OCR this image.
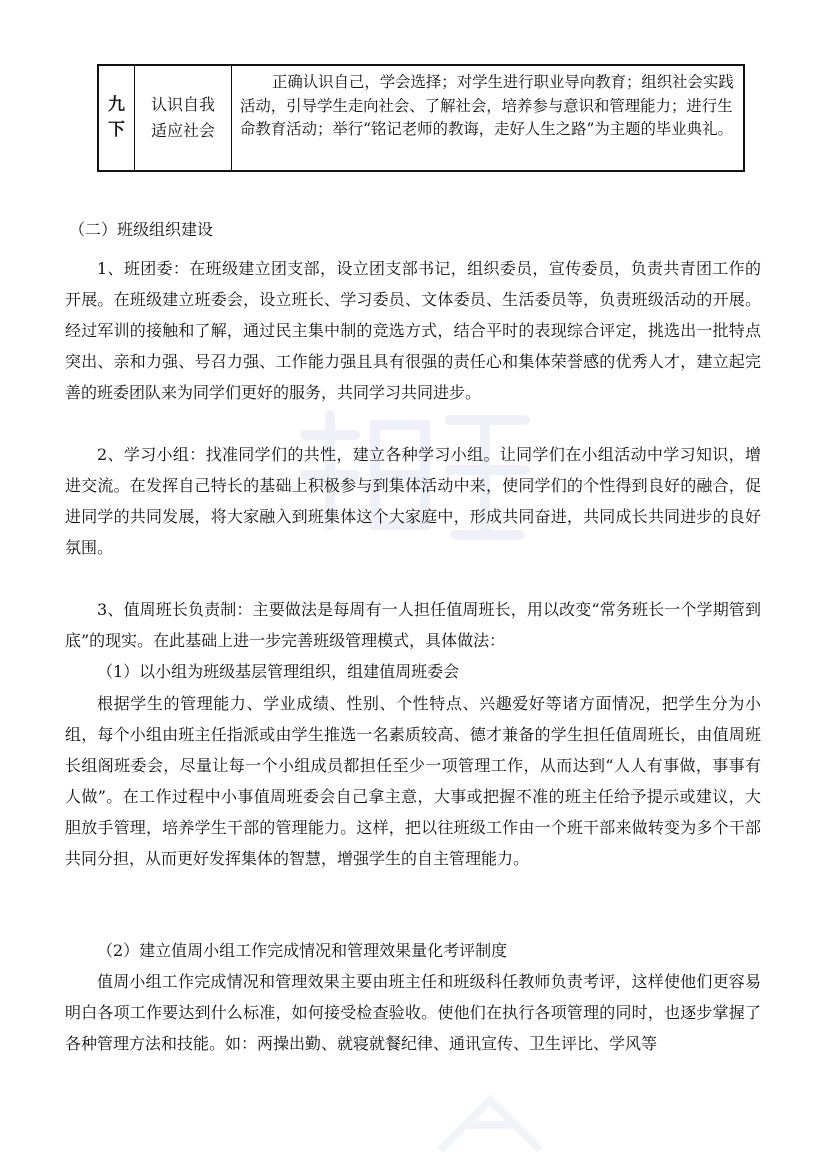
九下
认识自我适应社会
正确认识自己，学会选择；对学生进行职业导向教育；组织社会实践活动，引导学生走向社会、了解社会，培养参与意识和管理能力；进行生命教育活动；举行“铭记老师的教诲，走好人生之路”为主题的毕业典礼。
（二）班级组织建设

1、班团委：在班级建立团支部，设立团支部书记，组织委员，宣传委员，负责共青团工作的开展。在班级建立班委会，设立班长、学习委员、文体委员、生活委员等，负责班级活动的开展。经过军训的接触和了解，通过民主集中制的竞选方式，结合平时的表现综合评定，挑选出一批特点突出、亲和力强、号召力强、工作能力强且具有很强的责任心和集体荣誉感的优秀人才，建立起完善的班委团队来为同学们更好的服务，共同学习共同进步。

2、学习小组：找准同学们的共性，建立各种学习小组。让同学们在小组活动中学习知识，增进交流。在发挥自己特长的基础上积极参与到集体活动中来，使同学们的个性得到良好的融合，促进同学的共同发展，将大家融入到班集体这个大家庭中，形成共同奋进，共同成长共同进步的良好氛围。

3、值周班长负责制：主要做法是每周有一人担任值周班长，用以改变“常务班长一个学期管到底”的现实。在此基础上进一步完善班级管理模式，具体做法：

（1）以小组为班级基层管理组织，组建值周班委会

根据学生的管理能力、学业成绩、性别、个性特点、兴趣爱好等诸方面情况，把学生分为小组，每个小组由班主任指派或由学生推选一名素质较高、德才兼备的学生担任值周班长，由值周班长组阁班委会，尽量让每一个小组成员都担任至少一项管理工作，从而达到“人人有事做，事事有人做”。在工作过程中小事值周班委会自己拿主意，大事或把握不准的班主任给予提示或建议，大胆放手管理，培养学生干部的管理能力。这样，把以往班级工作由一个班干部来做转变为多个干部共同分担，从而更好发挥集体的智慧，增强学生的自主管理能力。

（2）建立值周小组工作完成情况和管理效果量化考评制度

值周小组工作完成情况和管理效果主要由班主任和班级科任教师负责考评，这样使他们更容易明白各项工作要达到什么标准，如何接受检查验收。使他们在执行各项管理的同时，也逐步掌握了各种管理方法和技能。如：两操出勤、就寝就餐纪律、通讯宣传、卫生评比、学风等
